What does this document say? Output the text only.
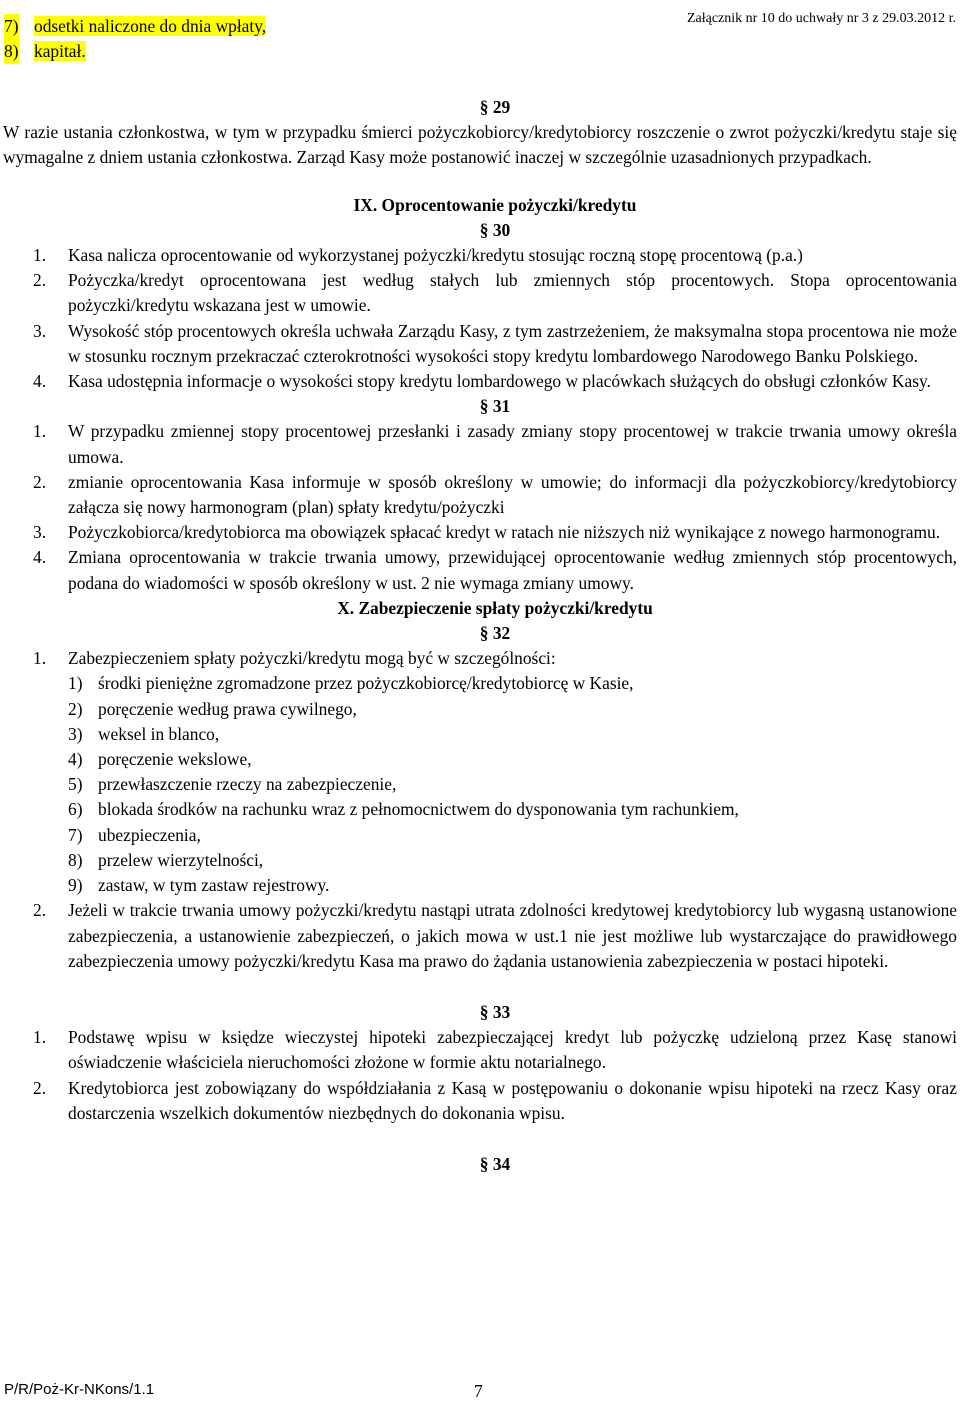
Załącznik nr 10 do uchwały nr 3 z 29.03.2012 r.
7) odsetki naliczone do dnia wpłaty,
8) kapitał.
§ 29
W razie ustania członkostwa, w tym w przypadku śmierci pożyczkobiorcy/kredytobiorcy roszczenie o zwrot pożyczki/kredytu staje się wymagalne z dniem ustania członkostwa. Zarząd Kasy może postanowić inaczej w szczególnie uzasadnionych przypadkach.
IX. Oprocentowanie pożyczki/kredytu
§ 30
1. Kasa nalicza oprocentowanie od wykorzystanej pożyczki/kredytu stosując roczną stopę procentową (p.a.)
2. Pożyczka/kredyt oprocentowana jest według stałych lub zmiennych stóp procentowych. Stopa oprocentowania pożyczki/kredytu wskazana jest w umowie.
3. Wysokość stóp procentowych określa uchwała Zarządu Kasy, z tym zastrzeżeniem, że maksymalna stopa procentowa nie może w stosunku rocznym przekraczać czterokrotności wysokości stopy kredytu lombardowego Narodowego Banku Polskiego.
4. Kasa udostępnia informacje o wysokości stopy kredytu lombardowego w placówkach służących do obsługi członków Kasy.
§ 31
1. W przypadku zmiennej stopy procentowej przesłanki i zasady zmiany stopy procentowej w trakcie trwania umowy określa umowa.
2. zmianie oprocentowania Kasa informuje w sposób określony w umowie; do informacji dla pożyczkobiorcy/kredytobiorcy załącza się nowy harmonogram (plan) spłaty kredytu/pożyczki
3. Pożyczkobiorca/kredytobiorca ma obowiązek spłacać kredyt w ratach nie niższych niż wynikające z nowego harmonogramu.
4. Zmiana oprocentowania w trakcie trwania umowy, przewidującej oprocentowanie według zmiennych stóp procentowych, podana do wiadomości w sposób określony w ust. 2 nie wymaga zmiany umowy.
X. Zabezpieczenie spłaty pożyczki/kredytu
§ 32
1. Zabezpieczeniem spłaty pożyczki/kredytu mogą być w szczególności:
1) środki pieniężne zgromadzone przez pożyczkobiorcę/kredytobiorcę w Kasie,
2) poręczenie według prawa cywilnego,
3) weksel in blanco,
4) poręczenie wekslowe,
5) przewłaszczenie rzeczy na zabezpieczenie,
6) blokada środków na rachunku wraz z pełnomocnictwem do dysponowania tym rachunkiem,
7) ubezpieczenia,
8) przelew wierzytelności,
9) zastaw, w tym zastaw rejestrowy.
2. Jeżeli w trakcie trwania umowy pożyczki/kredytu nastąpi utrata zdolności kredytowej kredytobiorcy lub wygasną ustanowione zabezpieczenia, a ustanowienie zabezpieczeń, o jakich mowa w ust.1 nie jest możliwe lub wystarczające do prawidłowego zabezpieczenia umowy pożyczki/kredytu Kasa ma prawo do żądania ustanowienia zabezpieczenia w postaci hipoteki.
§ 33
1. Podstawę wpisu w księdze wieczystej hipoteki zabezpieczającej kredyt lub pożyczkę udzieloną przez Kasę stanowi oświadczenie właściciela nieruchomości złożone w formie aktu notarialnego.
2. Kredytobiorca jest zobowiązany do współdziałania z Kasą w postępowaniu o dokonanie wpisu hipoteki na rzecz Kasy oraz dostarczenia wszelkich dokumentów niezbędnych do dokonania wpisu.
§ 34
P/R/Poż-Kr-NKons/1.1	7
